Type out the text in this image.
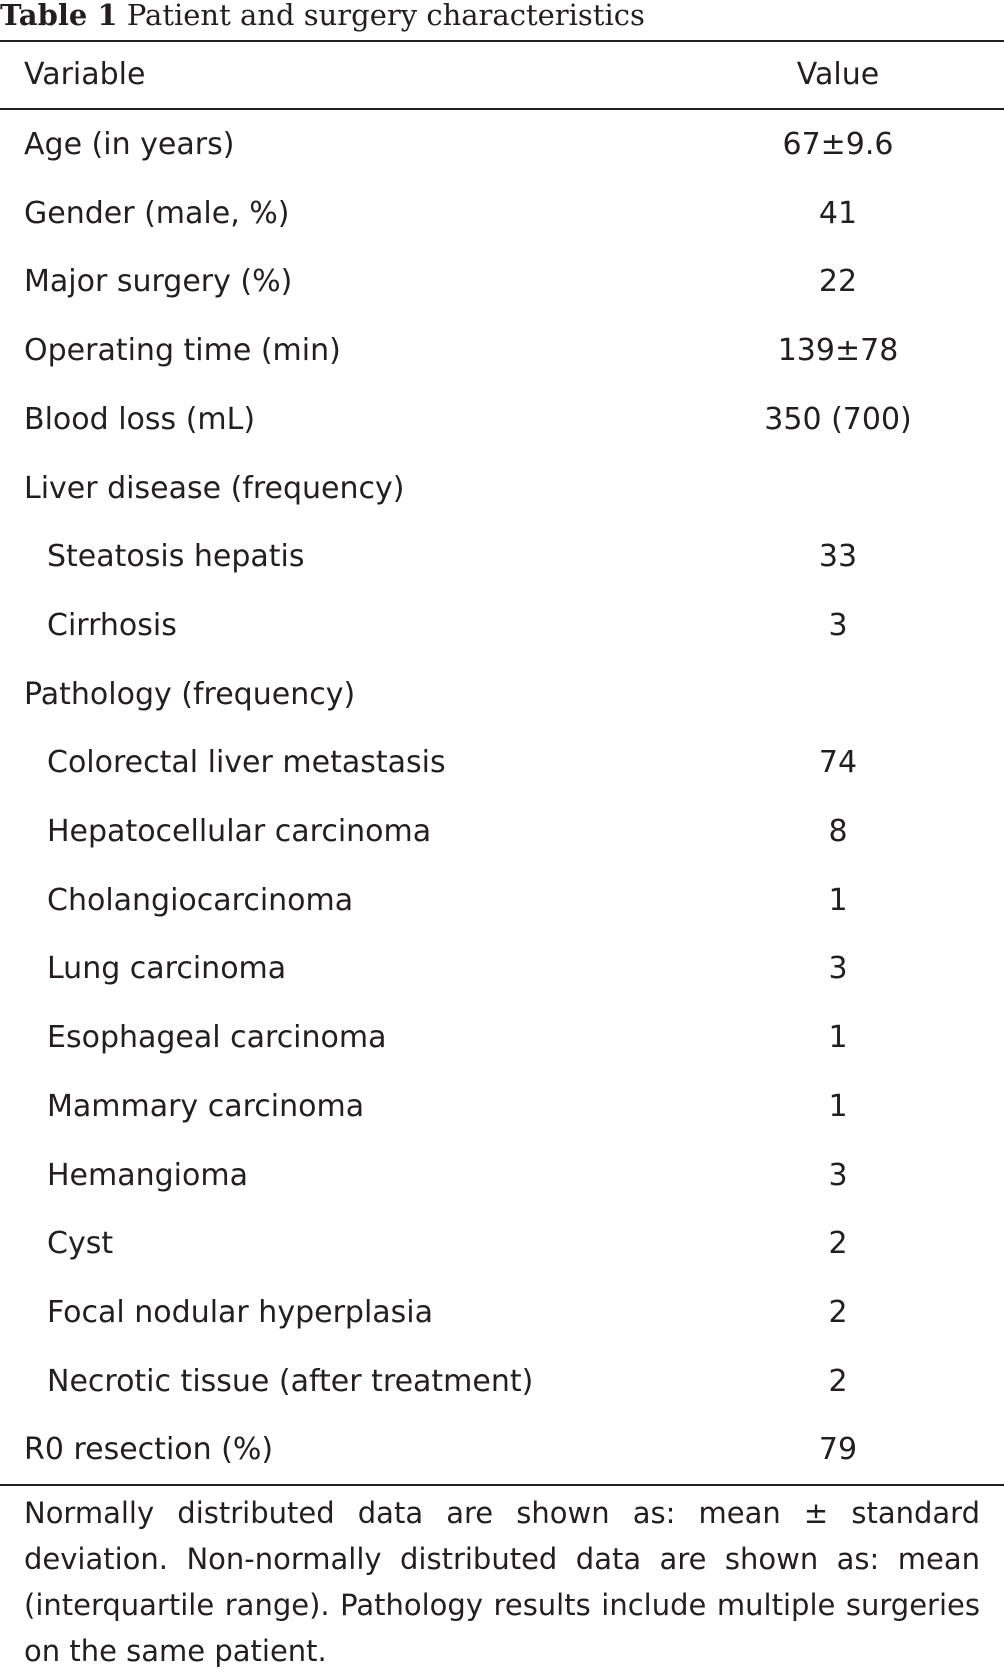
Table 1 Patient and surgery characteristics
Variable	Value
Age (in years)	67±9.6
Gender (male, %)	41
Major surgery (%)	22
Operating time (min)	139±78
Blood loss (mL)	350 (700)
Liver disease (frequency)
Steatosis hepatis	33
Cirrhosis	3
Pathology (frequency)
Colorectal liver metastasis	74
Hepatocellular carcinoma	8
Cholangiocarcinoma	1
Lung carcinoma	3
Esophageal carcinoma	1
Mammary carcinoma	1
Hemangioma	3
Cyst	2
Focal nodular hyperplasia	2
Necrotic tissue (after treatment)	2
R0 resection (%)	79
Normally distributed data are shown as: mean ± standard deviation. Non-normally distributed data are shown as: mean (interquartile range). Pathology results include multiple surgeries on the same patient.
